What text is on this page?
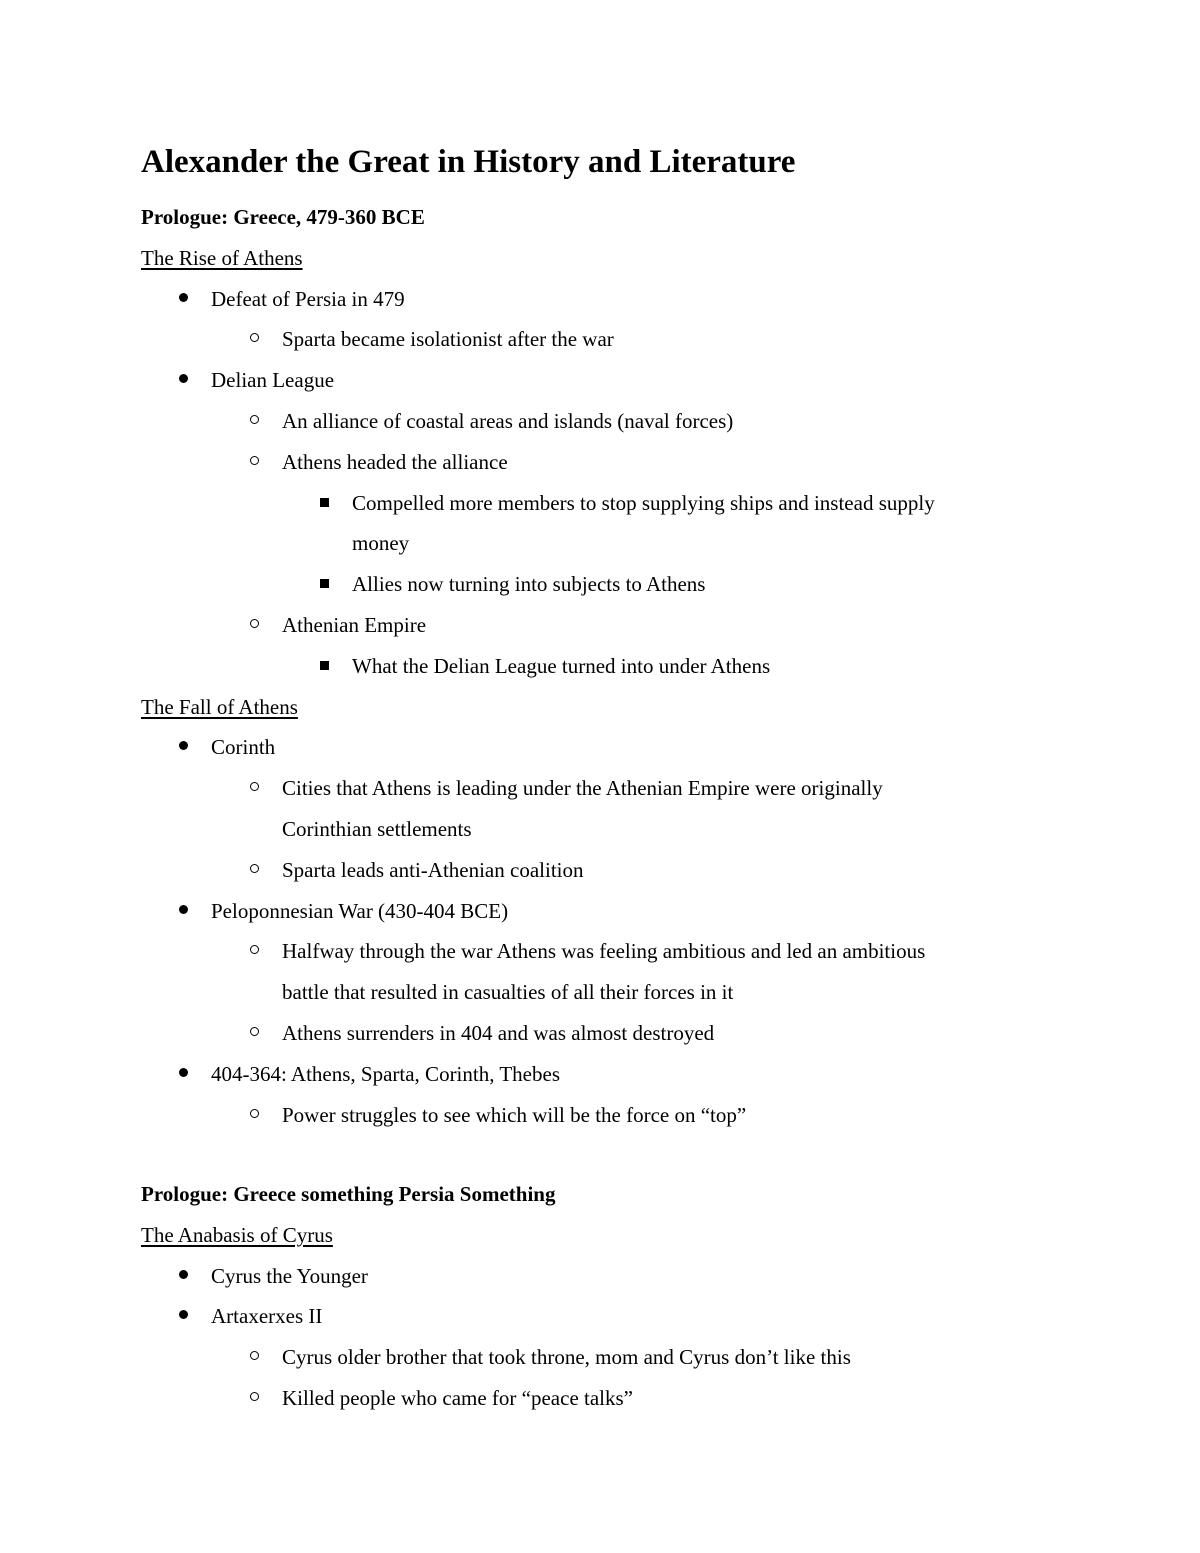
Alexander the Great in History and Literature
Prologue: Greece, 479-360 BCE
The Rise of Athens
Defeat of Persia in 479
Sparta became isolationist after the war
Delian League
An alliance of coastal areas and islands (naval forces)
Athens headed the alliance
Compelled more members to stop supplying ships and instead supply
money
Allies now turning into subjects to Athens
Athenian Empire
What the Delian League turned into under Athens
The Fall of Athens
Corinth
Cities that Athens is leading under the Athenian Empire were originally
Corinthian settlements
Sparta leads anti-Athenian coalition
Peloponnesian War (430-404 BCE)
Halfway through the war Athens was feeling ambitious and led an ambitious
battle that resulted in casualties of all their forces in it
Athens surrenders in 404 and was almost destroyed
404-364: Athens, Sparta, Corinth, Thebes
Power struggles to see which will be the force on “top”
Prologue: Greece something Persia Something
The Anabasis of Cyrus
Cyrus the Younger
Artaxerxes II
Cyrus older brother that took throne, mom and Cyrus don’t like this
Killed people who came for “peace talks”
